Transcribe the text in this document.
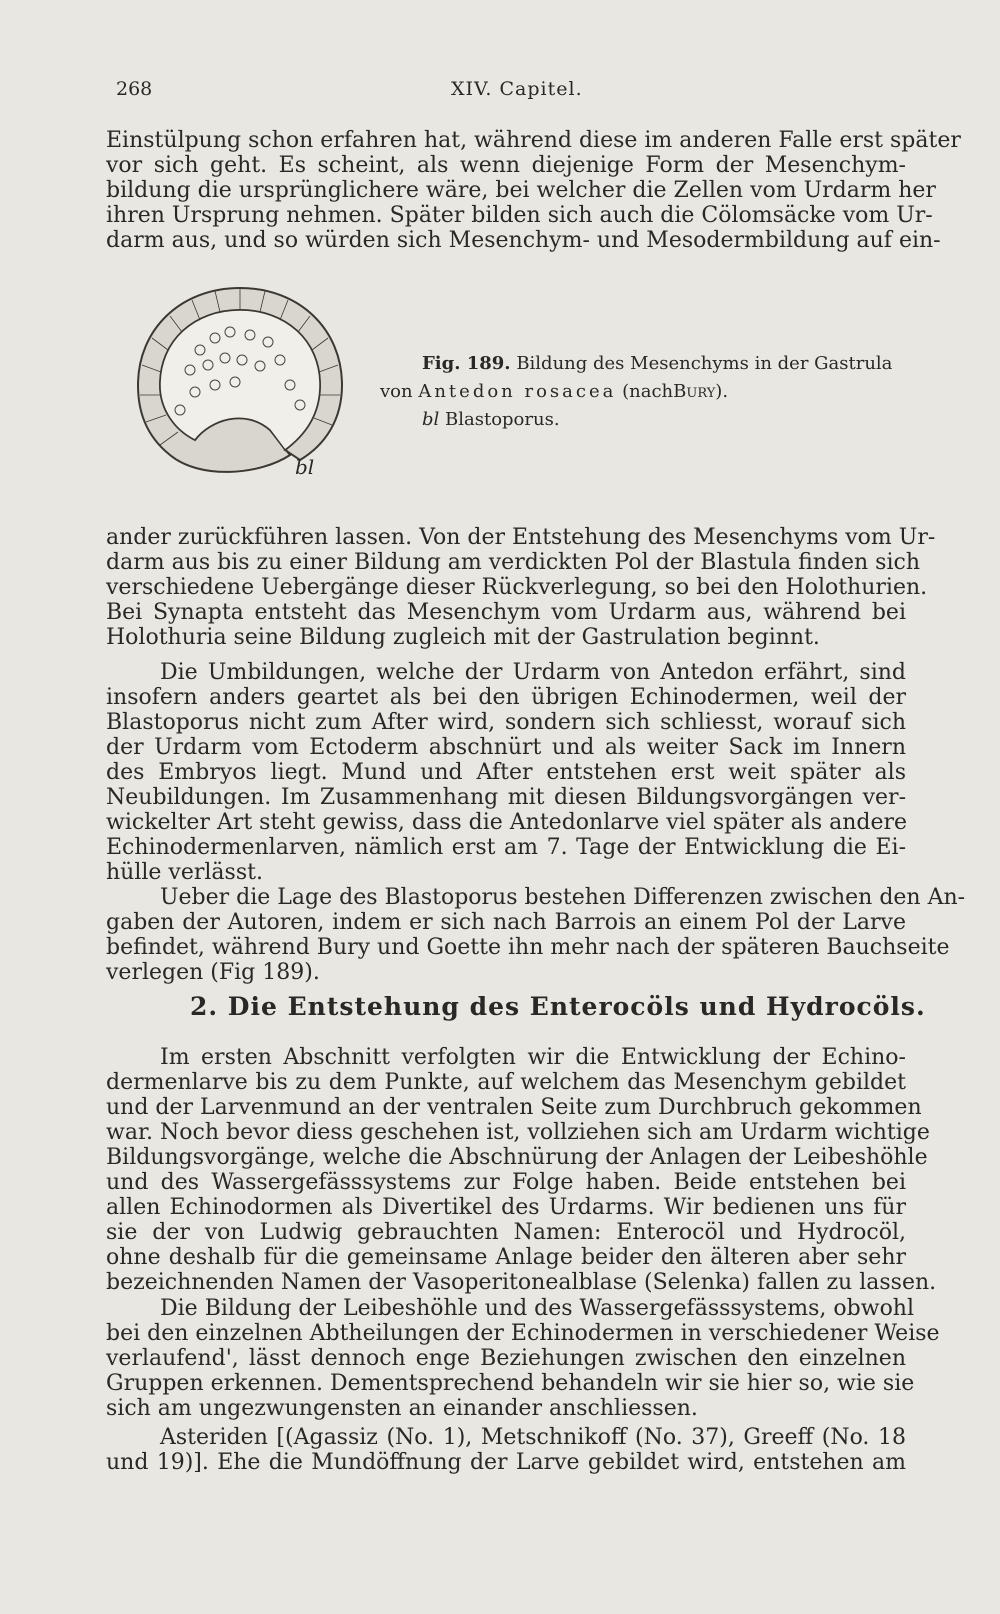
268	XIV. Capitel.
Einstülpung schon erfahren hat, während diese im anderen Falle erst später
vor sich geht. Es scheint, als wenn diejenige Form der Mesenchym-
bildung die ursprünglichere wäre, bei welcher die Zellen vom Urdarm her
ihren Ursprung nehmen. Später bilden sich auch die Cölomsäcke vom Ur-
darm aus, und so würden sich Mesenchym- und Mesodermbildung auf ein-
bl
Fig. 189. Bildung des Mesenchyms in der Gastrula
von Antedon rosacea (nachBury).
bl Blastoporus.
ander zurückführen lassen. Von der Entstehung des Mesenchyms vom Ur-
darm aus bis zu einer Bildung am verdickten Pol der Blastula finden sich
verschiedene Uebergänge dieser Rückverlegung, so bei den Holothurien.
Bei Synapta entsteht das Mesenchym vom Urdarm aus, während bei
Holothuria seine Bildung zugleich mit der Gastrulation beginnt.
Die Umbildungen, welche der Urdarm von Antedon erfährt, sind
insofern anders geartet als bei den übrigen Echinodermen, weil der
Blastoporus nicht zum After wird, sondern sich schliesst, worauf sich
der Urdarm vom Ectoderm abschnürt und als weiter Sack im Innern
des Embryos liegt. Mund und After entstehen erst weit später als
Neubildungen. Im Zusammenhang mit diesen Bildungsvorgängen ver-
wickelter Art steht gewiss, dass die Antedonlarve viel später als andere
Echinodermenlarven, nämlich erst am 7. Tage der Entwicklung die Ei-
hülle verlässt.
Ueber die Lage des Blastoporus bestehen Differenzen zwischen den An-
gaben der Autoren, indem er sich nach Barrois an einem Pol der Larve
befindet, während Bury und Goette ihn mehr nach der späteren Bauchseite
verlegen (Fig 189).
2. Die Entstehung des Enterocöls und Hydrocöls.
Im ersten Abschnitt verfolgten wir die Entwicklung der Echino-
dermenlarve bis zu dem Punkte, auf welchem das Mesenchym gebildet
und der Larvenmund an der ventralen Seite zum Durchbruch gekommen
war. Noch bevor diess geschehen ist, vollziehen sich am Urdarm wichtige
Bildungsvorgänge, welche die Abschnürung der Anlagen der Leibeshöhle
und des Wassergefässsystems zur Folge haben. Beide entstehen bei
allen Echinodormen als Divertikel des Urdarms. Wir bedienen uns für
sie der von Ludwig gebrauchten Namen: Enterocöl und Hydrocöl,
ohne deshalb für die gemeinsame Anlage beider den älteren aber sehr
bezeichnenden Namen der Vasoperitonealblase (Selenka) fallen zu lassen.
Die Bildung der Leibeshöhle und des Wassergefässsystems, obwohl
bei den einzelnen Abtheilungen der Echinodermen in verschiedener Weise
verlaufend', lässt dennoch enge Beziehungen zwischen den einzelnen
Gruppen erkennen. Dementsprechend behandeln wir sie hier so, wie sie
sich am ungezwungensten an einander anschliessen.
Asteriden [(Agassiz (No. 1), Metschnikoff (No. 37), Greeff (No. 18
und 19)]. Ehe die Mundöffnung der Larve gebildet wird, entstehen am
